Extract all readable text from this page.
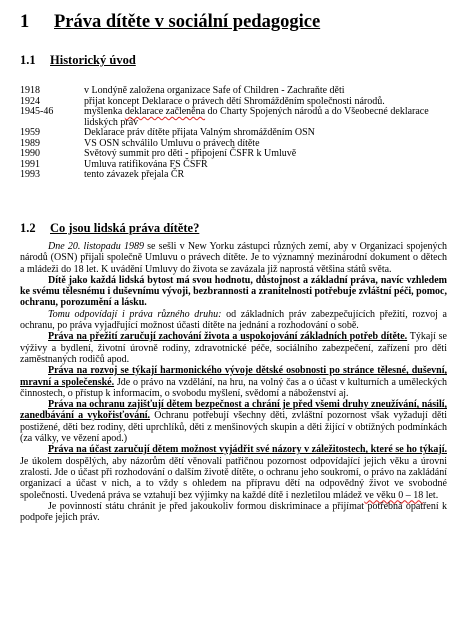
1 Práva dítěte v sociální pedagogice
1.1 Historický úvod
1918	v Londýně založena organizace Safe of Children - Zachraňte děti
1924	přijat koncept Deklarace o právech dětí Shromážděním společnosti národů.
1945-46	myšlenka deklarace začleněna do Charty Spojených národů a do Všeobecné deklarace lidských práv
1959	Deklarace práv dítěte přijata Valným shromážděním OSN
1989	VS OSN schválilo Umluvu o právech dítěte
1990	Světový summit pro děti - připojení ČSFR k Umluvě
1991	Umluva ratifikována FS ČSFR
1993	tento závazek přejala ČR
1.2 Co jsou lidská práva dítěte?

Dne 20. listopadu 1989 se sešli v New Yorku zástupci různých zemí, aby v Organizaci spojených národů (OSN) přijali společně Umluvu o právech dítěte. Je to významný mezinárodní dokument o dětech a mládeži do 18 let. K uvádění Umluvy do života se zavázala již naprostá většina států světa.

Dítě jako každá lidská bytost má svou hodnotu, důstojnost a základní práva, navíc vzhledem ke svému tělesnému i duševnímu vývoji, bezbrannosti a zranitelnosti potřebuje zvláštní péči, pomoc, ochranu, porozumění a lásku.

Tomu odpovídají i práva různého druhu: od základních práv zabezpečujících přežití, rozvoj a ochranu, po práva vyjadřující možnost účasti dítěte na jednání a rozhodování o sobě.

Práva na přežití zaručují zachování života a uspokojování základních potřeb dítěte. Týkají se výživy a bydlení, životní úrovně rodiny, zdravotnické péče, sociálního zabezpečení, zařízení pro děti zaměstnaných rodičů apod.

Práva na rozvoj se týkají harmonického vývoje dětské osobnosti po stránce tělesné, duševní, mravní a společenské. Jde o právo na vzdělání, na hru, na volný čas a o účast v kulturních a uměleckých činnostech, o přístup k informacím, o svobodu myšlení, svědomí a náboženství aj.

Práva na ochranu zajišťují dětem bezpečnost a chrání je před všemi druhy zneužívání, násilí, zanedbávání a vykořisťování. Ochranu potřebují všechny děti, zvláštní pozornost však vyžadují děti postižené, děti bez rodiny, děti uprchlíků, děti z menšinových skupin a děti žijící v obtížných podmínkách (za války, ve vězení apod.)

Práva na účast zaručují dětem možnost vyjádřit své názory v záležitostech, které se ho týkají. Je úkolem dospělých, aby názorům dětí věnovali patřičnou pozornost odpovídající jejich věku a úrovni zralosti. Jde o účast při rozhodování o dalším životě dítěte, o ochranu jeho soukromí, o právo na zakládání organizací a účast v nich, a to vždy s ohledem na přípravu dětí na odpovědný život ve svobodné společnosti. Uvedená práva se vztahují bez výjimky na každé dítě i nezletilou mládež ve věku 0 – 18 let.

Je povinností státu chránit je před jakoukoliv formou diskriminace a přijímat potřebná opatření k podpoře jejich práv.
